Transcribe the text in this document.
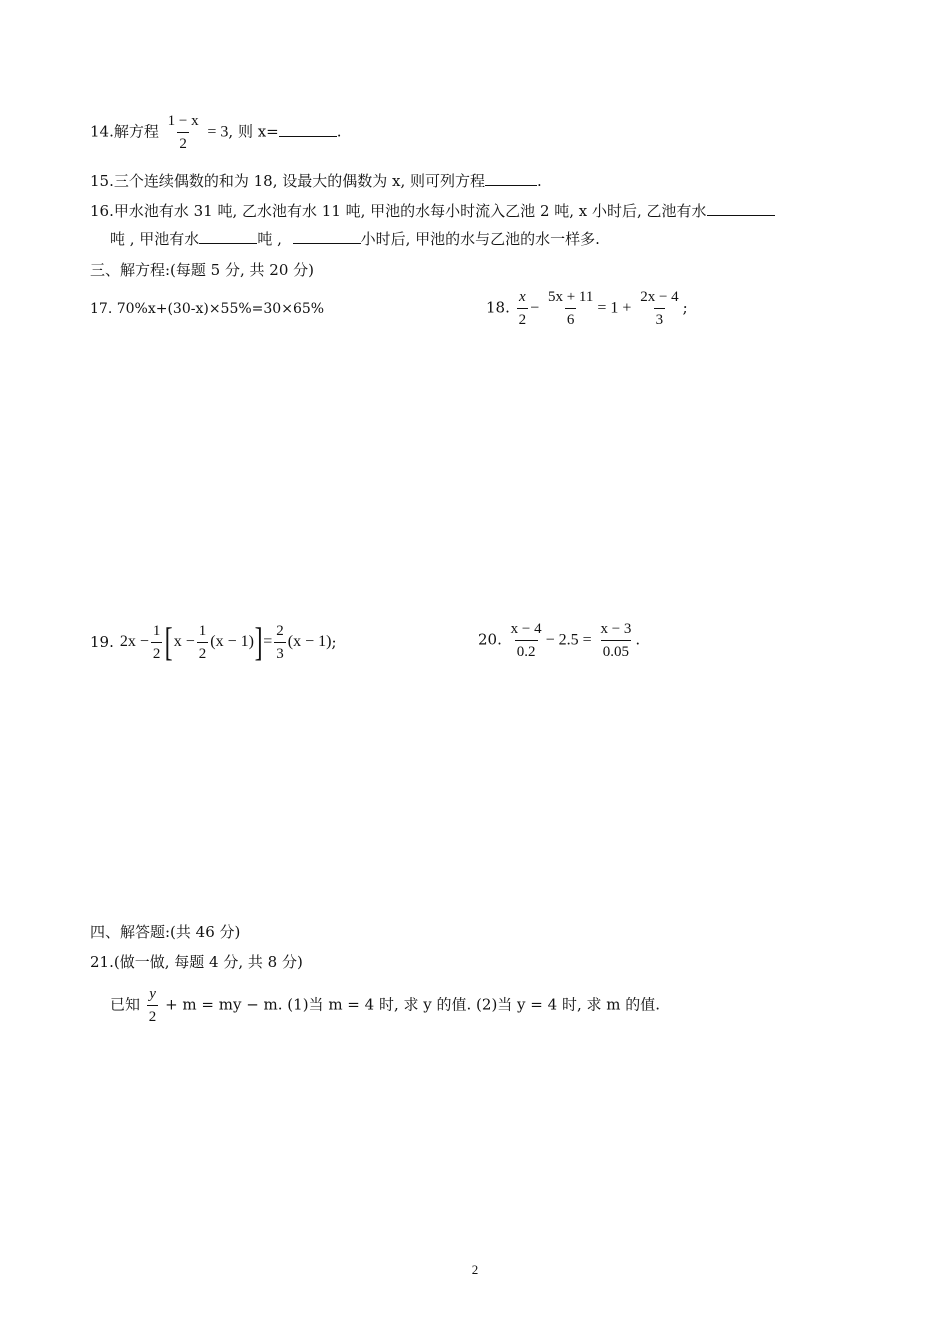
14.解方程 $\frac{1 - x}{2} = 3$, 则 x=	.
15.三个连续偶数的和为 18, 设最大的偶数为 x, 则可列方程	.
16.甲水池有水 31 吨, 乙水池有水 11 吨, 甲池的水每小时流入乙池 2 吨, x 小时后, 乙池有水
吨 , 甲池有水	吨 ,	小时后, 甲池的水与乙池的水一样多.
三、解方程:(每题 5 分, 共 20 分)
17. 70%x+(30-x)×55%=30×65%	18. $\frac{x}{2} - \frac{5x + 11}{6} = 1 + \frac{2x - 4}{3}$ ;
19. $2x - \frac{1}{2}$ [ $x - \frac{1}{2} (x - 1)$ ] = $\frac{2}{3} (x - 1)$ ;	20. $\frac{x - 4}{0.2} - 2.5 = \frac{x - 3}{0.05}$ .
四、解答题:(共 46 分)
21.(做一做, 每题 4 分, 共 8 分)
已知 $\frac{y}{2} + m$ = my − m. (1)当 m = 4 时, 求 y 的值. (2)当 y = 4 时, 求 m 的值.
2
